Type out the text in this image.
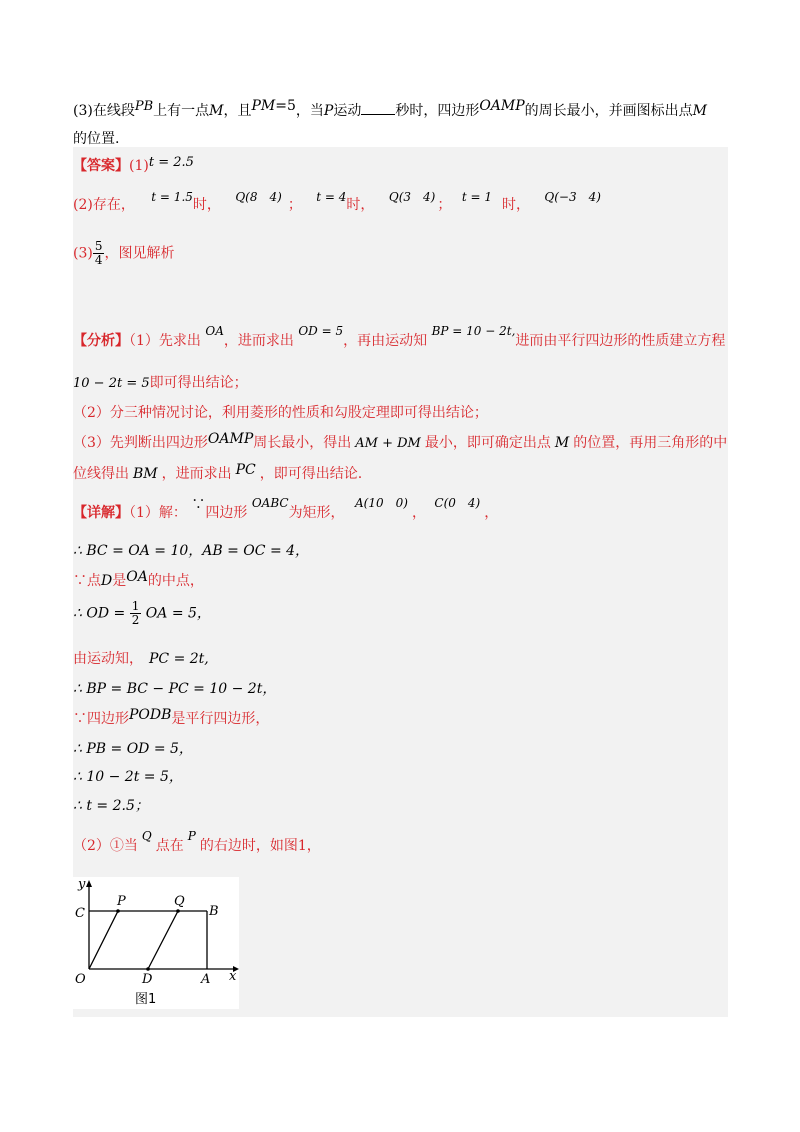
(3)在线段PB上有一点M，且PM=5，当P运动 秒时，四边形OAMP的周长最小，并画图标出点M
的位置.
【答案】(1)t = 2.5
(2)存在， t = 1.5时， Q(8　4) ； t = 4时， Q(3　4) ； t = 1 时， Q(−3　4)
$(3) \frac{5}{4}$ ，图见解析
【分析】（1）先求出 OA，进而求出 OD = 5，再由运动知 BP = 10 − 2t,进而由平行四边形的性质建立方程
10 − 2t = 5即可得出结论；
（2）分三种情况讨论，利用菱形的性质和勾股定理即可得出结论；
（3）先判断出四边形OAMP周长最小，得出 AM + DM 最小，即可确定出点 M 的位置，再用三角形的中
位线得出 BM ，进而求出 PC ，即可得出结论.
【详解】（1）解： ∵四边形 OABC为矩形， A(10　0)， C(0　4)，
∴ BC = OA = 10，AB = OC = 4，
∵点D是OA的中点，
∴ OD = $\frac{1}{2}$ OA = 5，
由运动知， PC = 2t,
∴ BP = BC − PC = 10 − 2t，
∵四边形PODB是平行四边形，
∴ PB = OD = 5，
∴ 10 − 2t = 5，
∴ t = 2.5；
（2）①当Q点在P的右边时，如图1，
y
x
C
P	Q
B
O	D	A
图1
